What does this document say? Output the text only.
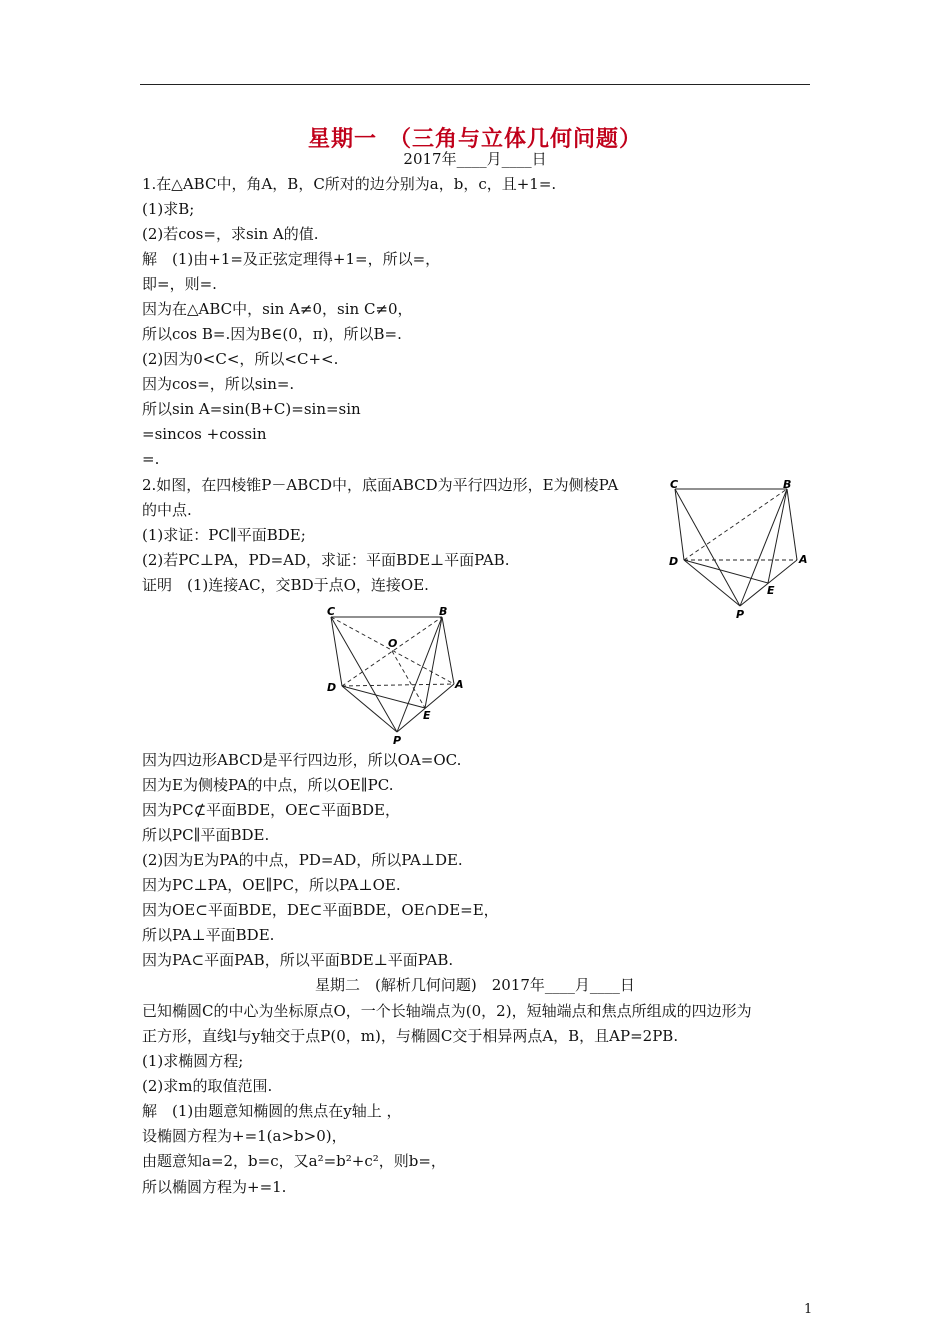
星期一　（三角与立体几何问题）
2017年____月____日
1.在△ABC中，角A，B，C所对的边分别为a，b，c，且+1=.
(1)求B;
(2)若cos=，求sin A的值.
解　(1)由+1=及正弦定理得+1=，所以=，
即=，则=.
因为在△ABC中，sin A≠0，sin C≠0，
所以cos B=.因为B∈(0，π)，所以B=.
(2)因为0<C<，所以<C+<.
因为cos=，所以sin=.
所以sin A=sin(B+C)=sin=sin
=sincos +cossin
=.
2.如图，在四棱锥P－ABCD中，底面ABCD为平行四边形，E为侧棱PA
的中点.
(1)求证：PC∥平面BDE;
(2)若PC⊥PA，PD=AD，求证：平面BDE⊥平面PAB.
证明　(1)连接AC，交BD于点O，连接OE.
C	B
D	A
E
P
C	B
O
D	A
E
P
因为四边形ABCD是平行四边形，所以OA=OC.
因为E为侧棱PA的中点，所以OE∥PC.
因为PC⊄平面BDE，OE⊂平面BDE，
所以PC∥平面BDE.
(2)因为E为PA的中点，PD=AD，所以PA⊥DE.
因为PC⊥PA，OE∥PC，所以PA⊥OE.
因为OE⊂平面BDE，DE⊂平面BDE，OE∩DE=E，
所以PA⊥平面BDE.
因为PA⊂平面PAB，所以平面BDE⊥平面PAB.
星期二　(解析几何问题)　2017年____月____日
已知椭圆C的中心为坐标原点O，一个长轴端点为(0，2)，短轴端点和焦点所组成的四边形为
正方形，直线l与y轴交于点P(0，m)，与椭圆C交于相异两点A，B，且AP=2PB.
(1)求椭圆方程;
(2)求m的取值范围.
解　(1)由题意知椭圆的焦点在y轴上 ，
设椭圆方程为+=1(a>b>0)，
由题意知a=2，b=c，又a²=b²+c²，则b=，
所以椭圆方程为+=1.
1
